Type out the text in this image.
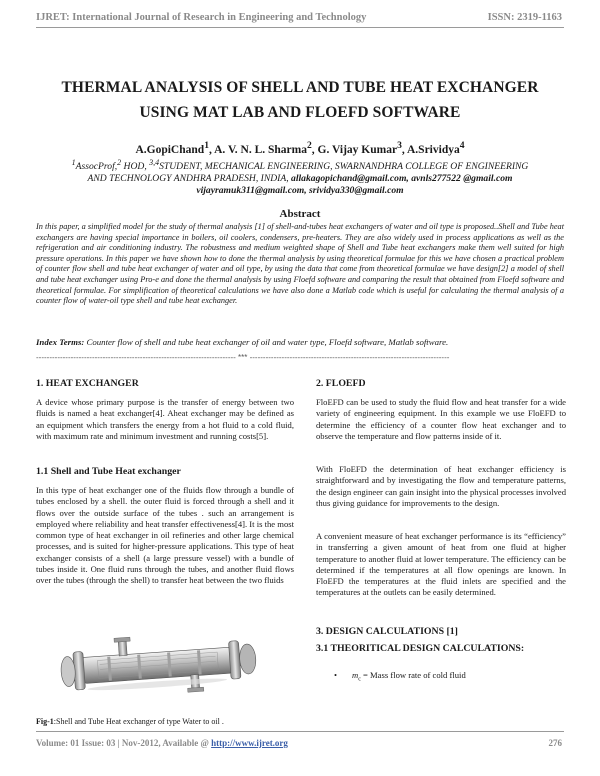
IJRET: International Journal of Research in Engineering and Technology	ISSN: 2319-1163
THERMAL ANALYSIS OF SHELL AND TUBE HEAT EXCHANGER
USING MAT LAB AND FLOEFD SOFTWARE
A.GopiChand$^1$, A. V. N. L. Sharma$^2$, G. Vijay Kumar$^3$, A.Srividya$^4$
$^1$AssocProf,$^2$ HOD, $^{3,4}$STUDENT, MECHANICAL ENGINEERING, SWARNANDHRA COLLEGE OF ENGINEERING
AND TECHNOLOGY ANDHRA PRADESH, INDIA, allakagopichand@gmail.com, avnls277522 @gmail.com
vijayramuk311@gmail.com, srividya330@gmail.com
Abstract
In this paper, a simplified model for the study of thermal analysis [1] of shell-and-tubes heat exchangers of water and oil type is proposed..Shell and Tube heat exchangers are having special importance in boilers, oil coolers, condensers, pre-heaters. They are also widely used in process applications as well as the refrigeration and air conditioning industry. The robustness and medium weighted shape of Shell and Tube heat exchangers make them well suited for high pressure operations. In this paper we have shown how to done the thermal analysis by using theoretical formulae for this we have chosen a practical problem of counter flow shell and tube heat exchanger of water and oil type, by using the data that come from theoretical formulae we have design[2] a model of shell and tube heat exchanger using Pro-e and done the thermal analysis by using Floefd software and comparing the result that obtained from Floefd software and theoretical formulae. For simplification of theoretical calculations we have also done a Matlab code which is useful for calculating the thermal analysis of a counter flow of water-oil type shell and tube heat exchanger.
Index Terms: Counter flow of shell and tube heat exchanger of oil and water type, Floefd software, Matlab software.
--------------------------------------------------------------------------- *** ---------------------------------------------------------------------------
1. HEAT EXCHANGER
A device whose primary purpose is the transfer of energy between two fluids is named a heat exchanger[4]. Aheat exchanger may be defined as an equipment which transfers the energy from a hot fluid to a cold fluid, with maximum rate and minimum investment and running costs[5].
1.1 Shell and Tube Heat exchanger
In this type of heat exchanger one of the fluids flow through a bundle of tubes enclosed by a shell. the outer fluid is forced through a shell and it flows over the outside surface of the tubes . such an arrangement is employed where reliability and heat transfer effectiveness[4]. It is the most common type of heat exchanger in oil refineries and other large chemical processes, and is suited for higher-pressure applications. This type of heat exchanger consists of a shell (a large pressure vessel) with a bundle of tubes inside it. One fluid runs through the tubes, and another fluid flows over the tubes (through the shell) to transfer heat between the two fluids
Fig-1:Shell and Tube Heat exchanger of type Water to oil .
2. FLOEFD
FloEFD can be used to study the fluid flow and heat transfer for a wide variety of engineering equipment. In this example we use FloEFD to determine the efficiency of a counter flow heat exchanger and to observe the temperature and flow patterns inside of it.
With FloEFD the determination of heat exchanger efficiency is straightforward and by investigating the flow and temperature patterns, the design engineer can gain insight into the physical processes involved thus giving guidance for improvements to the design.
A convenient measure of heat exchanger performance is its “efficiency” in transferring a given amount of heat from one fluid at higher temperature to another fluid at lower temperature. The efficiency can be determined if the temperatures at all flow openings are known. In FloEFD the temperatures at the fluid inlets are specified and the temperatures at the outlets can be easily determined.
3. DESIGN CALCULATIONS [1]
3.1 THEORITICAL DESIGN CALCULATIONS:
• $m_c$ = Mass flow rate of cold fluid
Volume: 01 Issue: 03 | Nov-2012, Available @ http://www.ijret.org	276
